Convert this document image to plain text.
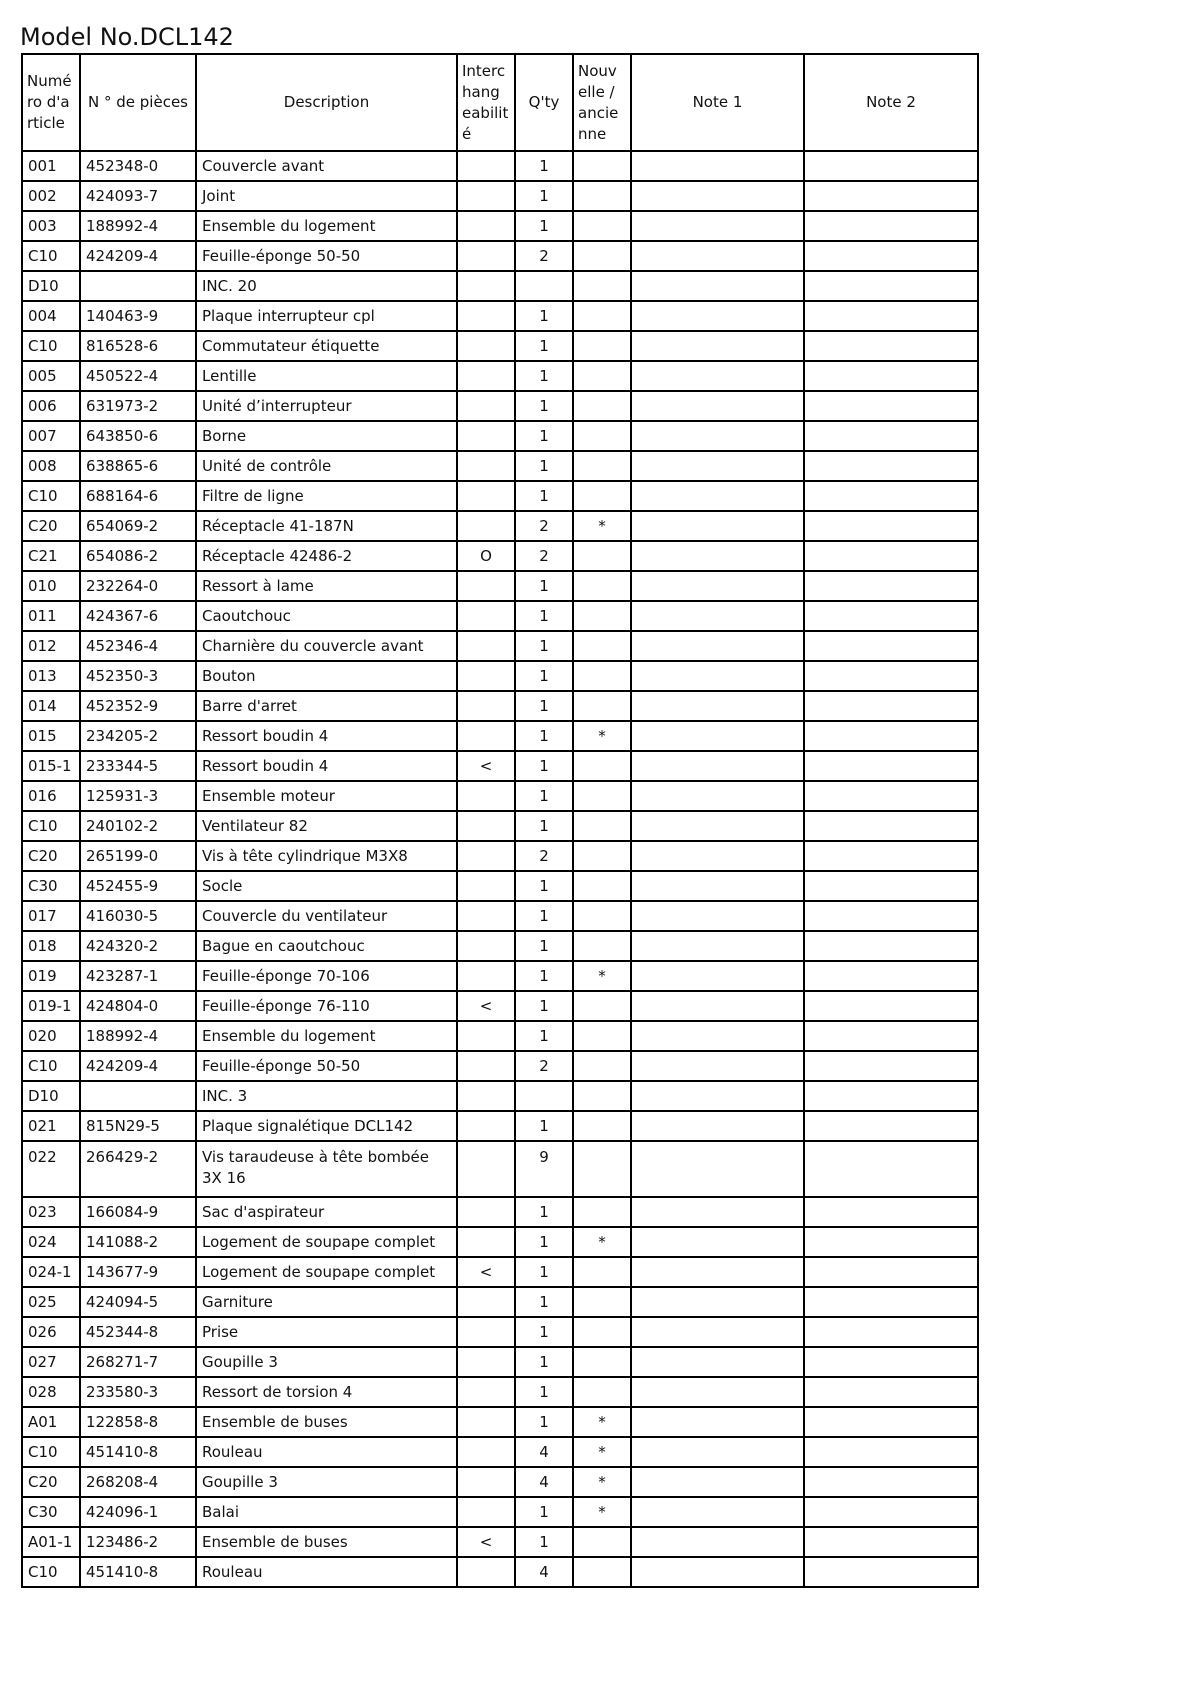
Model No.DCL142
Numé ro d'a rticle	N ° de pièces	Description	Interc hang eabilit é	Q'ty	Nouv elle / ancie nne	Note 1	Note 2
001	452348-0	Couvercle avant		1			
002	424093-7	Joint		1			
003	188992-4	Ensemble du logement		1			
C10	424209-4	Feuille-éponge 50-50		2			
D10		INC. 20					
004	140463-9	Plaque interrupteur cpl		1			
C10	816528-6	Commutateur étiquette		1			
005	450522-4	Lentille		1			
006	631973-2	Unité d’interrupteur		1			
007	643850-6	Borne		1			
008	638865-6	Unité de contrôle		1			
C10	688164-6	Filtre de ligne		1			
C20	654069-2	Réceptacle 41-187N		2	*		
C21	654086-2	Réceptacle 42486-2	O	2			
010	232264-0	Ressort à lame		1			
011	424367-6	Caoutchouc		1			
012	452346-4	Charnière du couvercle avant		1			
013	452350-3	Bouton		1			
014	452352-9	Barre d'arret		1			
015	234205-2	Ressort boudin 4		1	*		
015-1	233344-5	Ressort boudin 4	<	1			
016	125931-3	Ensemble moteur		1			
C10	240102-2	Ventilateur 82		1			
C20	265199-0	Vis à tête cylindrique M3X8		2			
C30	452455-9	Socle		1			
017	416030-5	Couvercle du ventilateur		1			
018	424320-2	Bague en caoutchouc		1			
019	423287-1	Feuille-éponge 70-106		1	*		
019-1	424804-0	Feuille-éponge 76-110	<	1			
020	188992-4	Ensemble du logement		1			
C10	424209-4	Feuille-éponge 50-50		2			
D10		INC. 3					
021	815N29-5	Plaque signalétique DCL142		1			
022	266429-2	Vis taraudeuse à tête bombée 3X 16		9			
023	166084-9	Sac d'aspirateur		1			
024	141088-2	Logement de soupape complet		1	*		
024-1	143677-9	Logement de soupape complet	<	1			
025	424094-5	Garniture		1			
026	452344-8	Prise		1			
027	268271-7	Goupille 3		1			
028	233580-3	Ressort de torsion 4		1			
A01	122858-8	Ensemble de buses		1	*		
C10	451410-8	Rouleau		4	*		
C20	268208-4	Goupille 3		4	*		
C30	424096-1	Balai		1	*		
A01-1	123486-2	Ensemble de buses	<	1			
C10	451410-8	Rouleau		4			
